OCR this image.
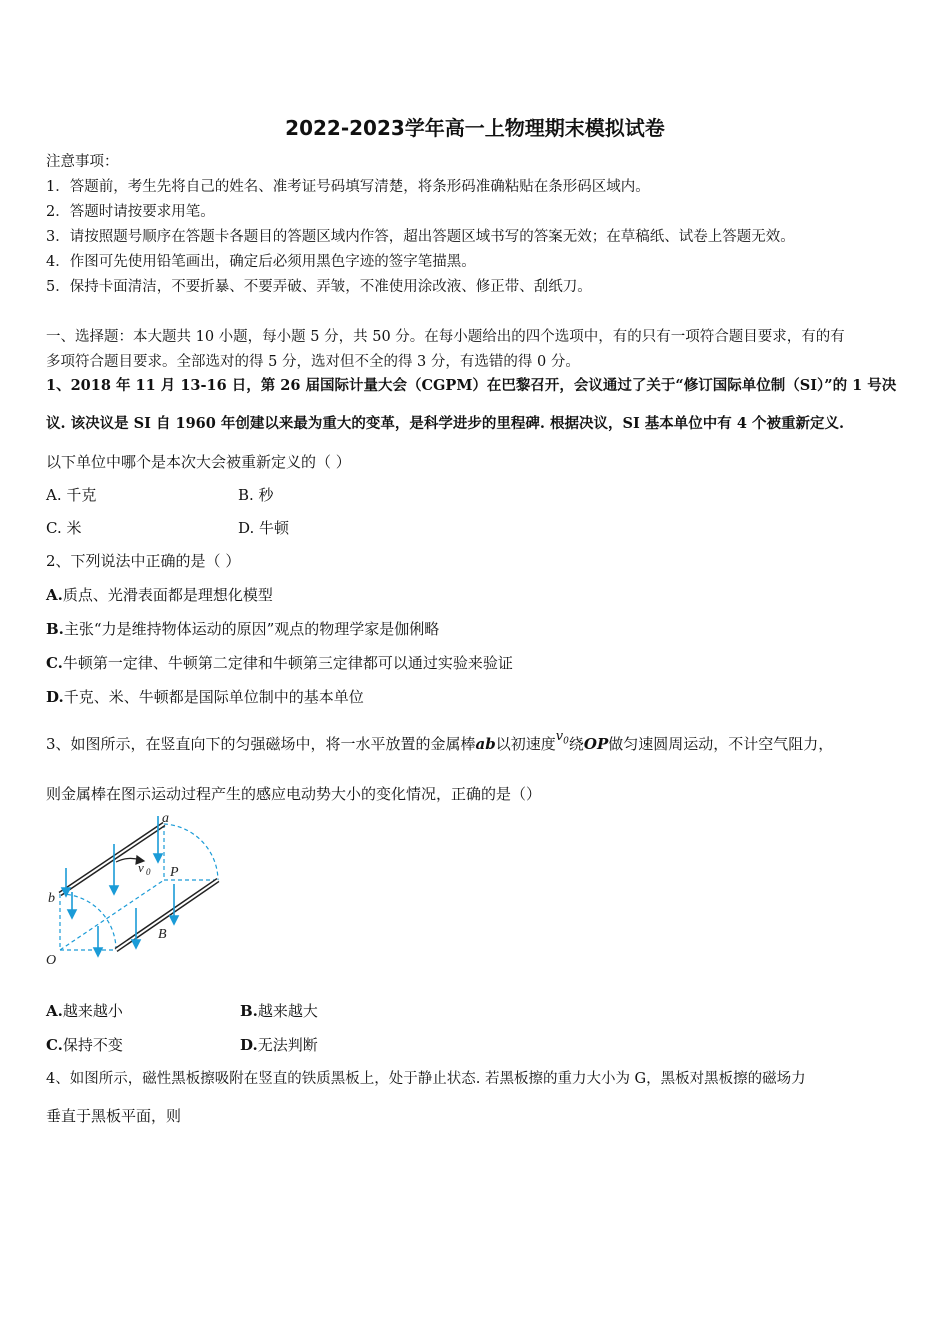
2022-2023学年高一上物理期末模拟试卷
注意事项：
1．答题前，考生先将自己的姓名、准考证号码填写清楚，将条形码准确粘贴在条形码区域内。
2．答题时请按要求用笔。
3．请按照题号顺序在答题卡各题目的答题区域内作答，超出答题区域书写的答案无效；在草稿纸、试卷上答题无效。
4．作图可先使用铅笔画出，确定后必须用黑色字迹的签字笔描黑。
5．保持卡面清洁，不要折暴、不要弄破、弄皱，不准使用涂改液、修正带、刮纸刀。
一、选择题：本大题共 10 小题，每小题 5 分，共 50 分。在每小题给出的四个选项中，有的只有一项符合题目要求，有的有
多项符合题目要求。全部选对的得 5 分，选对但不全的得 3 分，有选错的得 0 分。
1、2018 年 11 月 13-16 日，第 26 届国际计量大会（CGPM）在巴黎召开，会议通过了关于“修订国际单位制（SI）”的 1 号决
议. 该决议是 SI 自 1960 年创建以来最为重大的变革，是科学进步的里程碑. 根据决议，SI 基本单位中有 4 个被重新定义.
以下单位中哪个是本次大会被重新定义的（ ）
A. 千克	B. 秒
C. 米	D. 牛顿
2、下列说法中正确的是（ ）
A.质点、光滑表面都是理想化模型
B.主张“力是维持物体运动的原因”观点的物理学家是伽俐略
C.牛顿第一定律、牛顿第二定律和牛顿第三定律都可以通过实验来验证
D.千克、米、牛顿都是国际单位制中的基本单位
3、如图所示，在竖直向下的匀强磁场中，将一水平放置的金属棒ab以初速度$v_0$绕OP做匀速圆周运动，不计空气阻力，
则金属棒在图示运动过程产生的感应电动势大小的变化情况，正确的是（）
a
b
v 0 P
B
O
A.越来越小	B.越来越大
C.保持不变	D.无法判断
4、如图所示，磁性黑板擦吸附在竖直的铁质黑板上，处于静止状态. 若黑板擦的重力大小为 G，黑板对黑板擦的磁场力
垂直于黑板平面，则
